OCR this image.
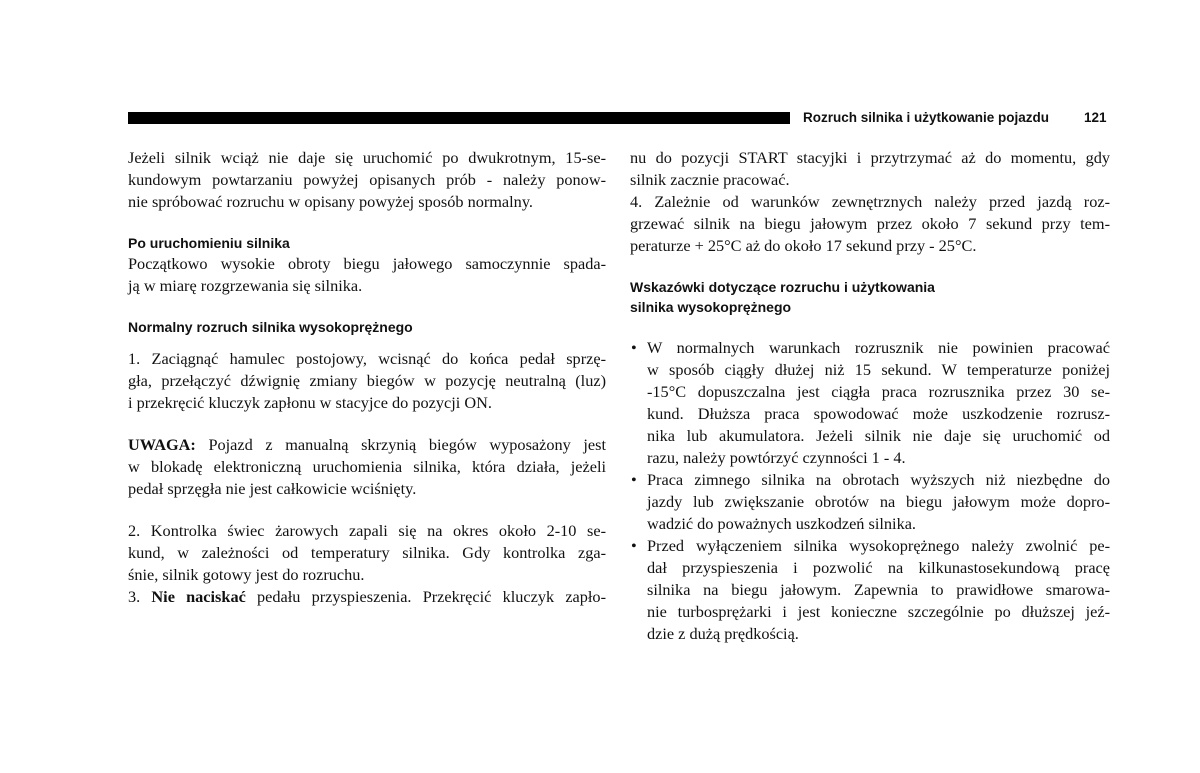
Rozruch silnika i użytkowanie pojazdu	121

Jeżeli silnik wciąż nie daje się uruchomić po dwukrotnym, 15-se-
kundowym powtarzaniu powyżej opisanych prób - należy ponow-
nie spróbować rozruchu w opisany powyżej sposób normalny.

Po uruchomieniu silnika

Początkowo wysokie obroty biegu jałowego samoczynnie spada-
ją w miarę rozgrzewania się silnika.

Normalny rozruch silnika wysokoprężnego

1. Zaciągnąć hamulec postojowy, wcisnąć do końca pedał sprzę-
gła, przełączyć dźwignię zmiany biegów w pozycję neutralną (luz)
i przekręcić kluczyk zapłonu w stacyjce do pozycji ON.

UWAGA: Pojazd z manualną skrzynią biegów wyposażony jest
w blokadę elektroniczną uruchomienia silnika, która działa, jeżeli
pedał sprzęgła nie jest całkowicie wciśnięty.

2. Kontrolka świec żarowych zapali się na okres około 2-10 se-
kund, w zależności od temperatury silnika. Gdy kontrolka zga-
śnie, silnik gotowy jest do rozruchu.

3. Nie naciskać pedału przyspieszenia. Przekręcić kluczyk zapło-

nu do pozycji START stacyjki i przytrzymać aż do momentu, gdy
silnik zacznie pracować.

4. Zależnie od warunków zewnętrznych należy przed jazdą roz-
grzewać silnik na biegu jałowym przez około 7 sekund przy tem-
peraturze + 25°C aż do około 17 sekund przy - 25°C.

Wskazówki dotyczące rozruchu i użytkowania
silnika wysokoprężnego

• W normalnych warunkach rozrusznik nie powinien pracować
w sposób ciągły dłużej niż 15 sekund. W temperaturze poniżej
-15°C dopuszczalna jest ciągła praca rozrusznika przez 30 se-
kund. Dłuższa praca spowodować może uszkodzenie rozrusz-
nika lub akumulatora. Jeżeli silnik nie daje się uruchomić od
razu, należy powtórzyć czynności 1 - 4.
• Praca zimnego silnika na obrotach wyższych niż niezbędne do
jazdy lub zwiększanie obrotów na biegu jałowym może dopro-
wadzić do poważnych uszkodzeń silnika.
• Przed wyłączeniem silnika wysokoprężnego należy zwolnić pe-
dał przyspieszenia i pozwolić na kilkunastosekundową pracę
silnika na biegu jałowym. Zapewnia to prawidłowe smarowa-
nie turbosprężarki i jest konieczne szczególnie po dłuższej jeź-
dzie z dużą prędkością.
